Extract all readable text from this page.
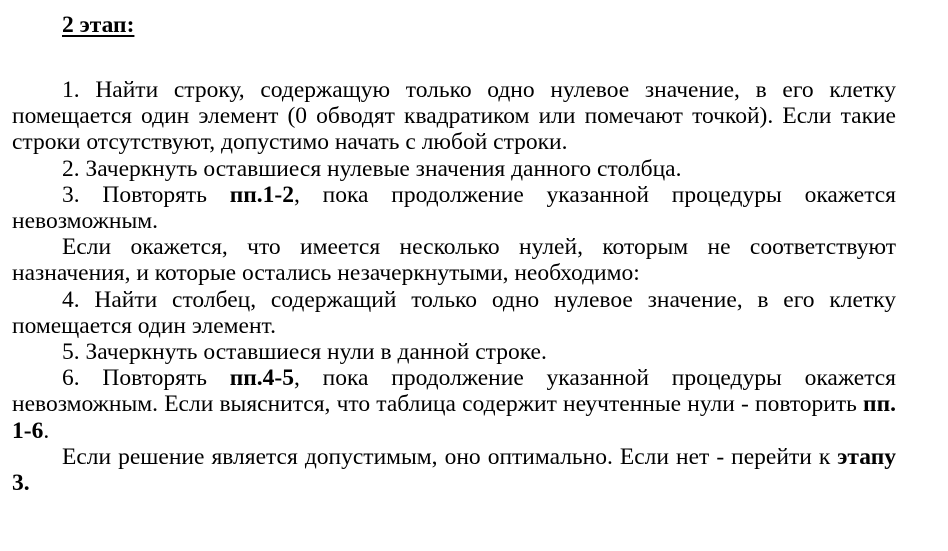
2 этап:

1. Найти строку, содержащую только одно нулевое значение, в его клетку помещается один элемент (0 обводят квадратиком или помечают точкой). Если такие строки отсутствуют, допустимо начать с любой строки.

2. Зачеркнуть оставшиеся нулевые значения данного столбца.

3. Повторять пп.1-2, пока продолжение указанной процедуры окажется невозможным.

Если окажется, что имеется несколько нулей, которым не соответствуют назначения, и которые остались незачеркнутыми, необходимо:

4. Найти столбец, содержащий только одно нулевое значение, в его клетку помещается один элемент.

5. Зачеркнуть оставшиеся нули в данной строке.

6. Повторять пп.4-5, пока продолжение указанной процедуры окажется невозможным. Если выяснится, что таблица содержит неучтенные нули - повторить пп. 1-6.

Если решение является допустимым, оно оптимально. Если нет - перейти к этапу 3.
